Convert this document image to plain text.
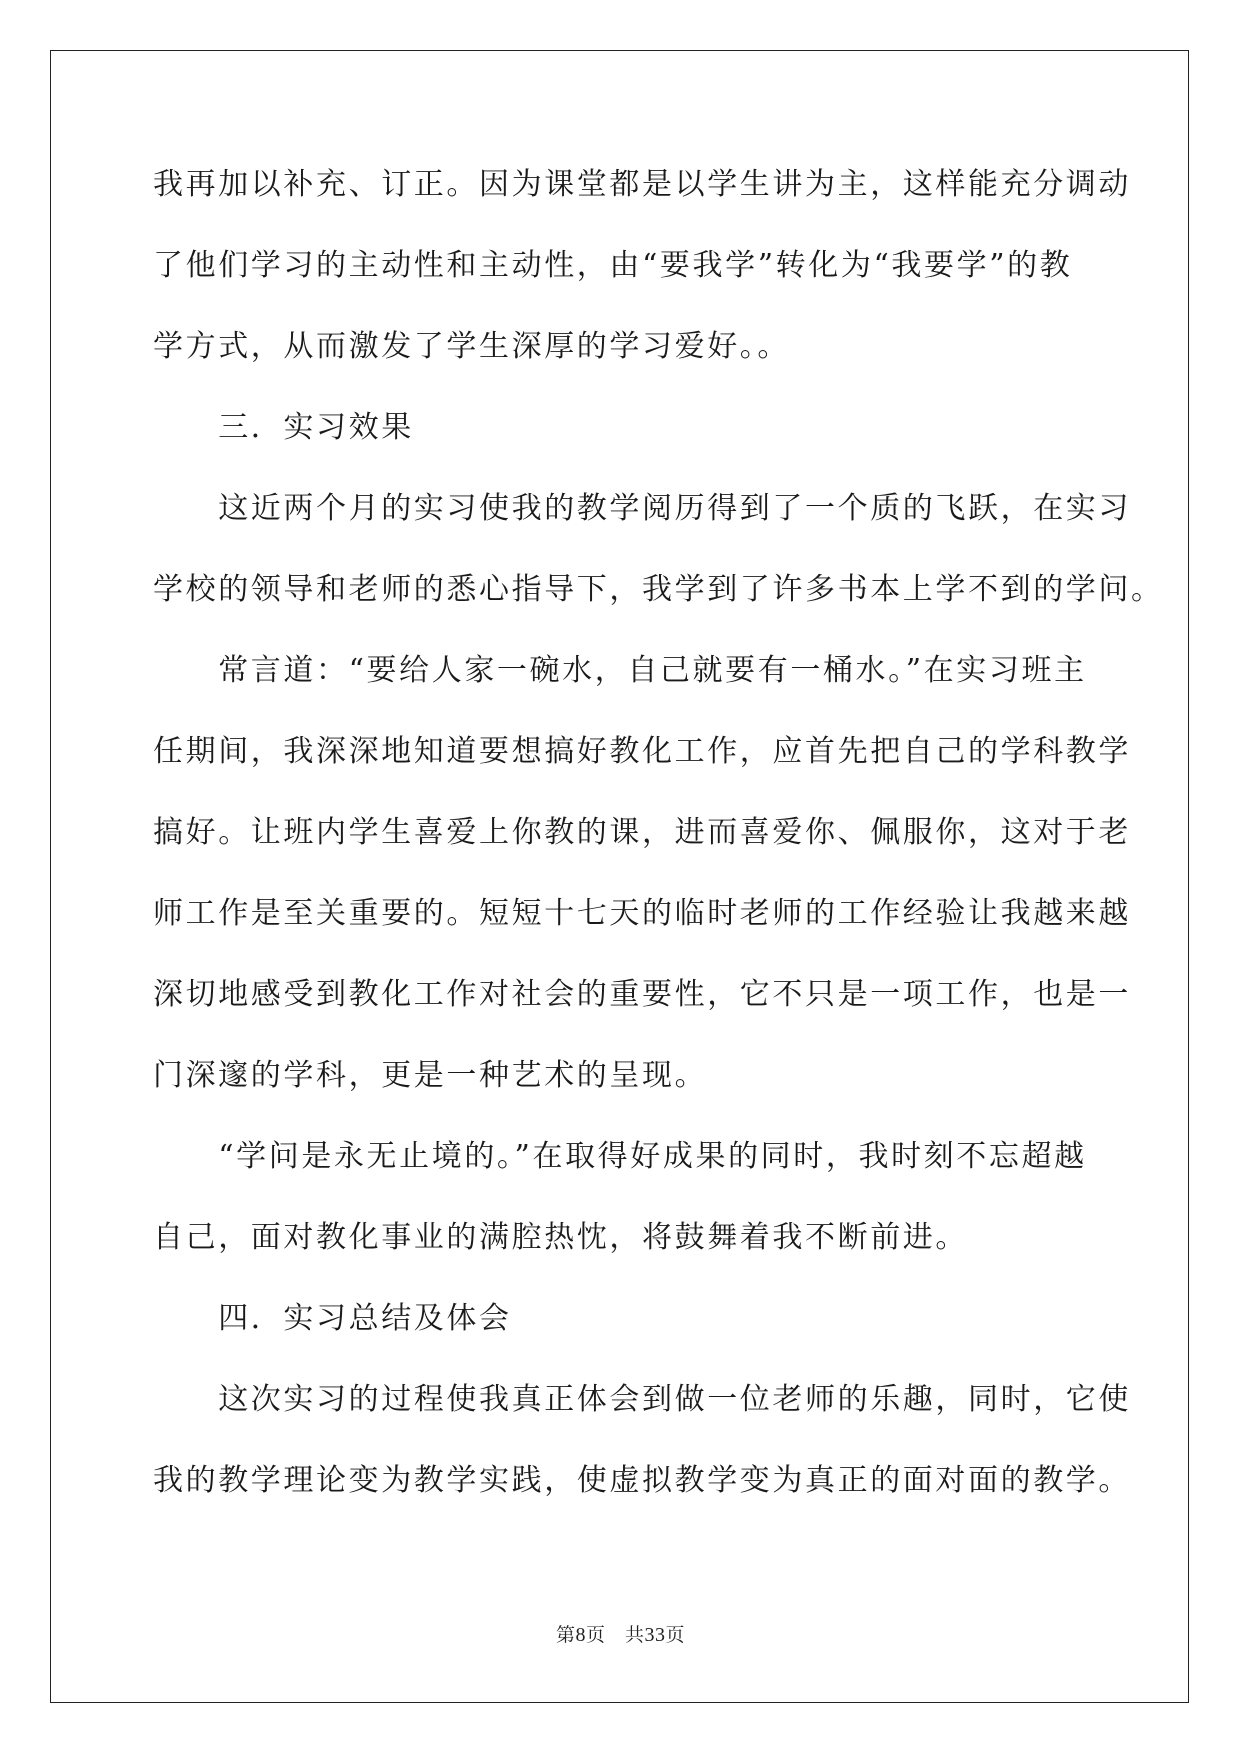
我再加以补充、订正。因为课堂都是以学生讲为主，这样能充分调动
了他们学习的主动性和主动性，由“要我学”转化为“我要学”的教
学方式，从而激发了学生深厚的学习爱好。。
　　三．实习效果
　　这近两个月的实习使我的教学阅历得到了一个质的飞跃，在实习
学校的领导和老师的悉心指导下，我学到了许多书本上学不到的学问。
　　常言道：“要给人家一碗水，自己就要有一桶水。”在实习班主
任期间，我深深地知道要想搞好教化工作，应首先把自己的学科教学
搞好。让班内学生喜爱上你教的课，进而喜爱你、佩服你，这对于老
师工作是至关重要的。短短十七天的临时老师的工作经验让我越来越
深切地感受到教化工作对社会的重要性，它不只是一项工作，也是一
门深邃的学科，更是一种艺术的呈现。
　　“学问是永无止境的。”在取得好成果的同时，我时刻不忘超越
自己，面对教化事业的满腔热忱，将鼓舞着我不断前进。
　　四．实习总结及体会
　　这次实习的过程使我真正体会到做一位老师的乐趣，同时，它使
我的教学理论变为教学实践，使虚拟教学变为真正的面对面的教学。
第8页　共33页
